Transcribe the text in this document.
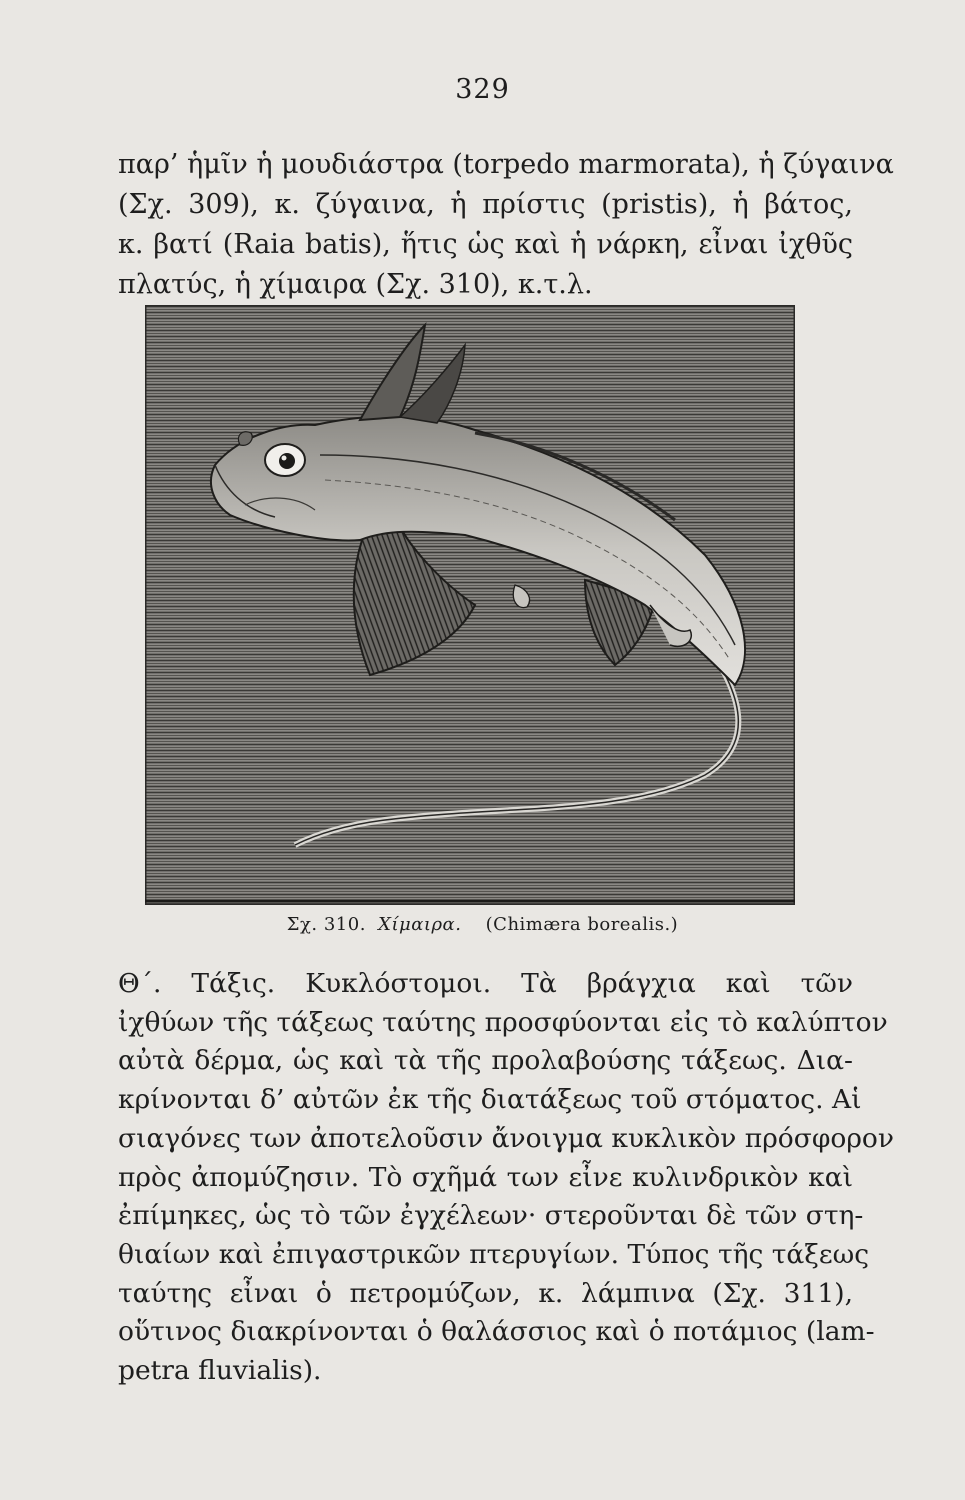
329

παρ’ ἡμῖν ἡ μουδιάστρα (torpedo marmorata), ἡ ζύγαινα
(Σχ. 309), κ. ζύγαινα, ἡ πρίστις (pristis), ἡ βάτος,
κ. βατί (Raia batis), ἥτις ὡς καὶ ἡ νάρκη, εἶναι ἰχθῦς
πλατύς, ἡ χίμαιρα (Σχ. 310), κ.τ.λ.

Σχ. 310. Χίμαιρα. (Chimæra borealis.)

Θ΄. Τάξις. Κυκλόστομοι. Τὰ βράγχια καὶ τῶν
ἰχθύων τῆς τάξεως ταύτης προσφύονται εἰς τὸ καλύπτον
αὐτὰ δέρμα, ὡς καὶ τὰ τῆς προλαβούσης τάξεως. Δια-
κρίνονται δ’ αὐτῶν ἐκ τῆς διατάξεως τοῦ στόματος. Αἱ
σιαγόνες των ἀποτελοῦσιν ἄνοιγμα κυκλικὸν πρόσφορον
πρὸς ἀπομύζησιν. Τὸ σχῆμά των εἶνε κυλινδρικὸν καὶ
ἐπίμηκες, ὡς τὸ τῶν ἐγχέλεων· στεροῦνται δὲ τῶν στη-
θιαίων καὶ ἐπιγαστρικῶν πτερυγίων. Τύπος τῆς τάξεως
ταύτης εἶναι ὁ πετρομύζων, κ. λάμπινα (Σχ. 311),
οὕτινος διακρίνονται ὁ θαλάσσιος καὶ ὁ ποτάμιος (lam-
petra fluvialis).
